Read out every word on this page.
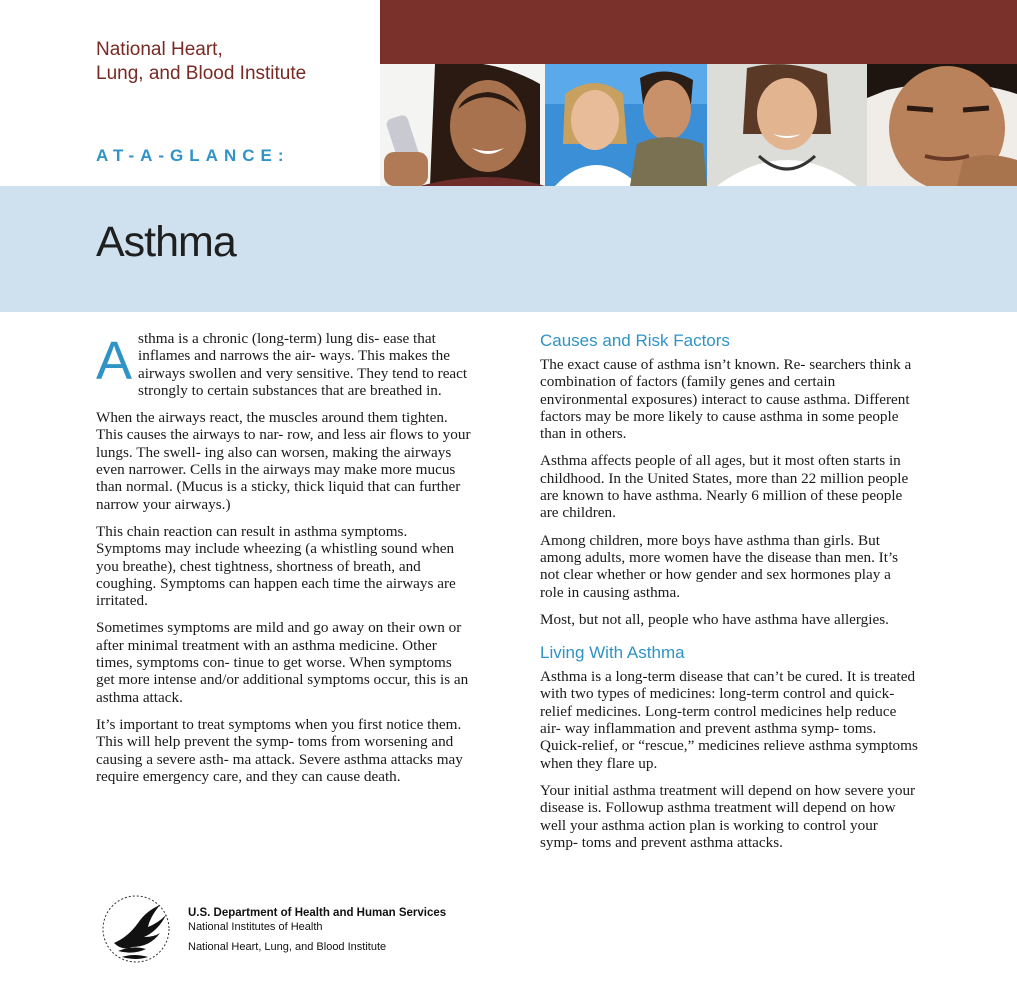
National Heart,
Lung, and Blood Institute
AT-A-GLANCE:
Asthma

Asthma is a chronic (long-term) lung dis- ease that inflames and narrows the air- ways. This makes the airways swollen and very sensitive. They tend to react strongly to certain substances that are breathed in.

When the airways react, the muscles around them tighten. This causes the airways to nar- row, and less air flows to your lungs. The swell- ing also can worsen, making the airways even narrower. Cells in the airways may make more mucus than normal. (Mucus is a sticky, thick liquid that can further narrow your airways.)

This chain reaction can result in asthma symptoms. Symptoms may include wheezing (a whistling sound when you breathe), chest tightness, shortness of breath, and coughing. Symptoms can happen each time the airways are irritated.

Sometimes symptoms are mild and go away on their own or after minimal treatment with an asthma medicine. Other times, symptoms con- tinue to get worse. When symptoms get more intense and/or additional symptoms occur, this is an asthma attack.

It’s important to treat symptoms when you first notice them. This will help prevent the symp- toms from worsening and causing a severe asth- ma attack. Severe asthma attacks may require emergency care, and they can cause death.

Causes and Risk Factors

The exact cause of asthma isn’t known. Re- searchers think a combination of factors (family genes and certain environmental exposures) interact to cause asthma. Different factors may be more likely to cause asthma in some people than in others.

Asthma affects people of all ages, but it most often starts in childhood. In the United States, more than 22 million people are known to have asthma. Nearly 6 million of these people are children.

Among children, more boys have asthma than girls. But among adults, more women have the disease than men. It’s not clear whether or how gender and sex hormones play a role in causing asthma.

Most, but not all, people who have asthma have allergies.

Living With Asthma

Asthma is a long-term disease that can’t be cured. It is treated with two types of medicines: long-term control and quick-relief medicines. Long-term control medicines help reduce air- way inflammation and prevent asthma symp- toms. Quick-relief, or “rescue,” medicines relieve asthma symptoms when they flare up.

Your initial asthma treatment will depend on how severe your disease is. Followup asthma treatment will depend on how well your asthma action plan is working to control your symp- toms and prevent asthma attacks.

U.S. Department of Health and Human Services
National Institutes of Health
National Heart, Lung, and Blood Institute
